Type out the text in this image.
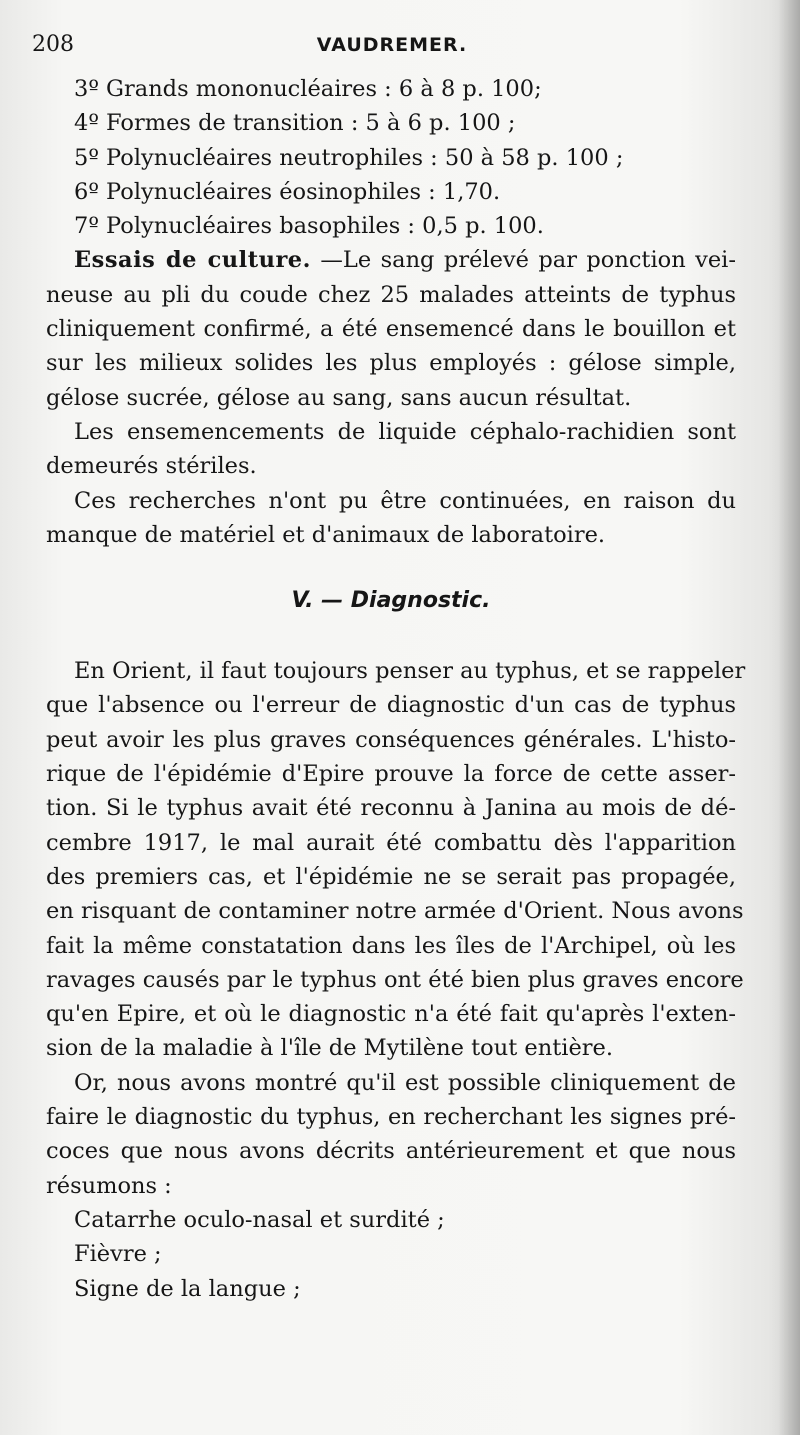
208	VAUDREMER.
3º Grands mononucléaires : 6 à 8 p. 100;
4º Formes de transition : 5 à 6 p. 100 ;
5º Polynucléaires neutrophiles : 50 à 58 p. 100 ;
6º Polynucléaires éosinophiles : 1,70.
7º Polynucléaires basophiles : 0,5 p. 100.
Essais de culture. —Le sang prélevé par ponction vei-
neuse au pli du coude chez 25 malades atteints de typhus
cliniquement confirmé, a été ensemencé dans le bouillon et
sur les milieux solides les plus employés : gélose simple,
gélose sucrée, gélose au sang, sans aucun résultat.
Les ensemencements de liquide céphalo-rachidien sont
demeurés stériles.
Ces recherches n'ont pu être continuées, en raison du
manque de matériel et d'animaux de laboratoire.
V. — Diagnostic.
En Orient, il faut toujours penser au typhus, et se rappeler
que l'absence ou l'erreur de diagnostic d'un cas de typhus
peut avoir les plus graves conséquences générales. L'histo-
rique de l'épidémie d'Epire prouve la force de cette asser-
tion. Si le typhus avait été reconnu à Janina au mois de dé-
cembre 1917, le mal aurait été combattu dès l'apparition
des premiers cas, et l'épidémie ne se serait pas propagée,
en risquant de contaminer notre armée d'Orient. Nous avons
fait la même constatation dans les îles de l'Archipel, où les
ravages causés par le typhus ont été bien plus graves encore
qu'en Epire, et où le diagnostic n'a été fait qu'après l'exten-
sion de la maladie à l'île de Mytilène tout entière.
Or, nous avons montré qu'il est possible cliniquement de
faire le diagnostic du typhus, en recherchant les signes pré-
coces que nous avons décrits antérieurement et que nous
résumons :
Catarrhe oculo-nasal et surdité ;
Fièvre ;
Signe de la langue ;
